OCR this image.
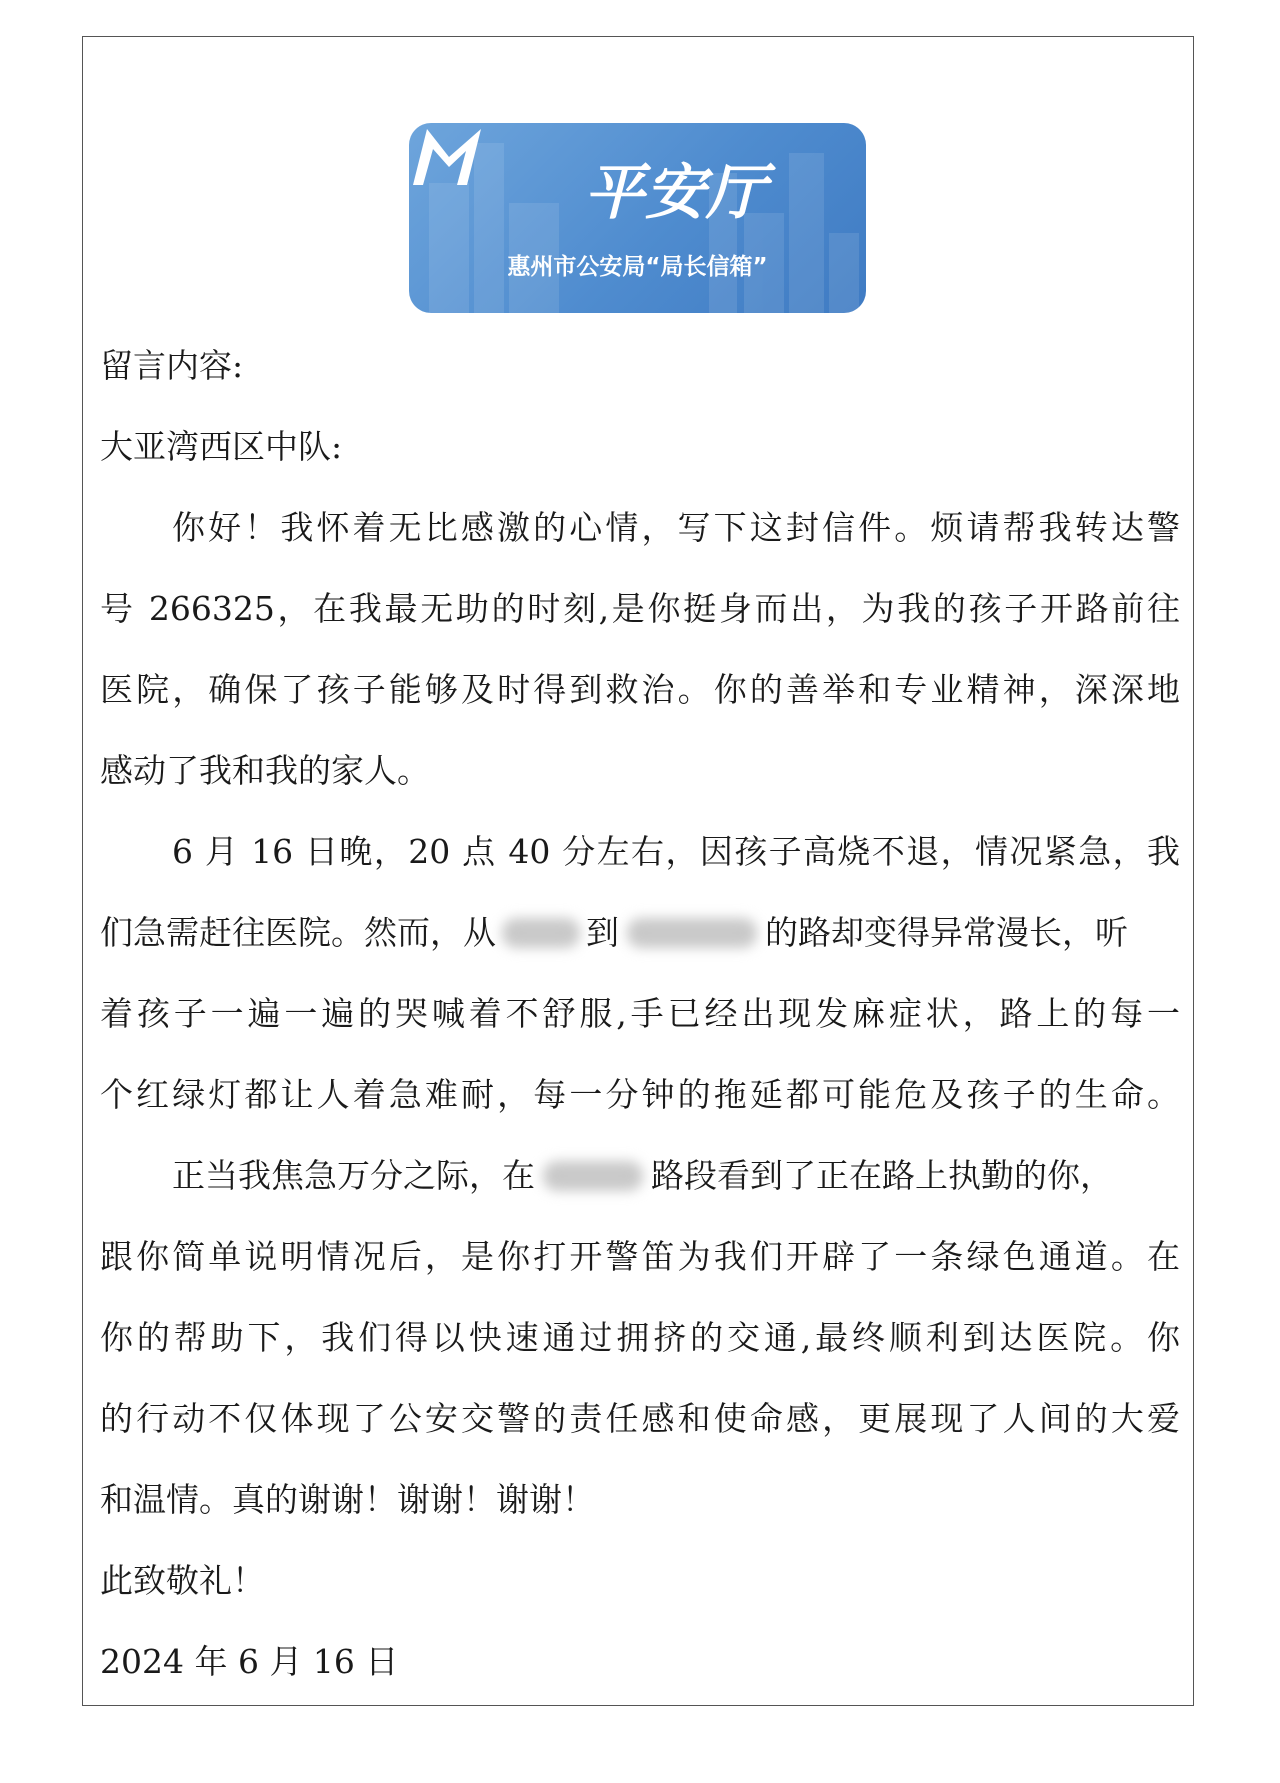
平安厅
惠州市公安局“局长信箱”
留言内容:
大亚湾西区中队:
你好！我怀着无比感激的心情，写下这封信件。烦请帮我转达警
号 266325，在我最无助的时刻,是你挺身而出，为我的孩子开路前往
医院，确保了孩子能够及时得到救治。你的善举和专业精神，深深地
感动了我和我的家人。
6 月 16 日晚，20 点 40 分左右，因孩子高烧不退，情况紧急，我
们急需赶往医院。然而，从	到	的路却变得异常漫长，听
着孩子一遍一遍的哭喊着不舒服,手已经出现发麻症状，路上的每一
个红绿灯都让人着急难耐，每一分钟的拖延都可能危及孩子的生命。
正当我焦急万分之际，在	路段看到了正在路上执勤的你，
跟你简单说明情况后，是你打开警笛为我们开辟了一条绿色通道。在
你的帮助下，我们得以快速通过拥挤的交通,最终顺利到达医院。你
的行动不仅体现了公安交警的责任感和使命感，更展现了人间的大爱
和温情。真的谢谢！谢谢！谢谢！
此致敬礼！
2024 年 6 月 16 日
